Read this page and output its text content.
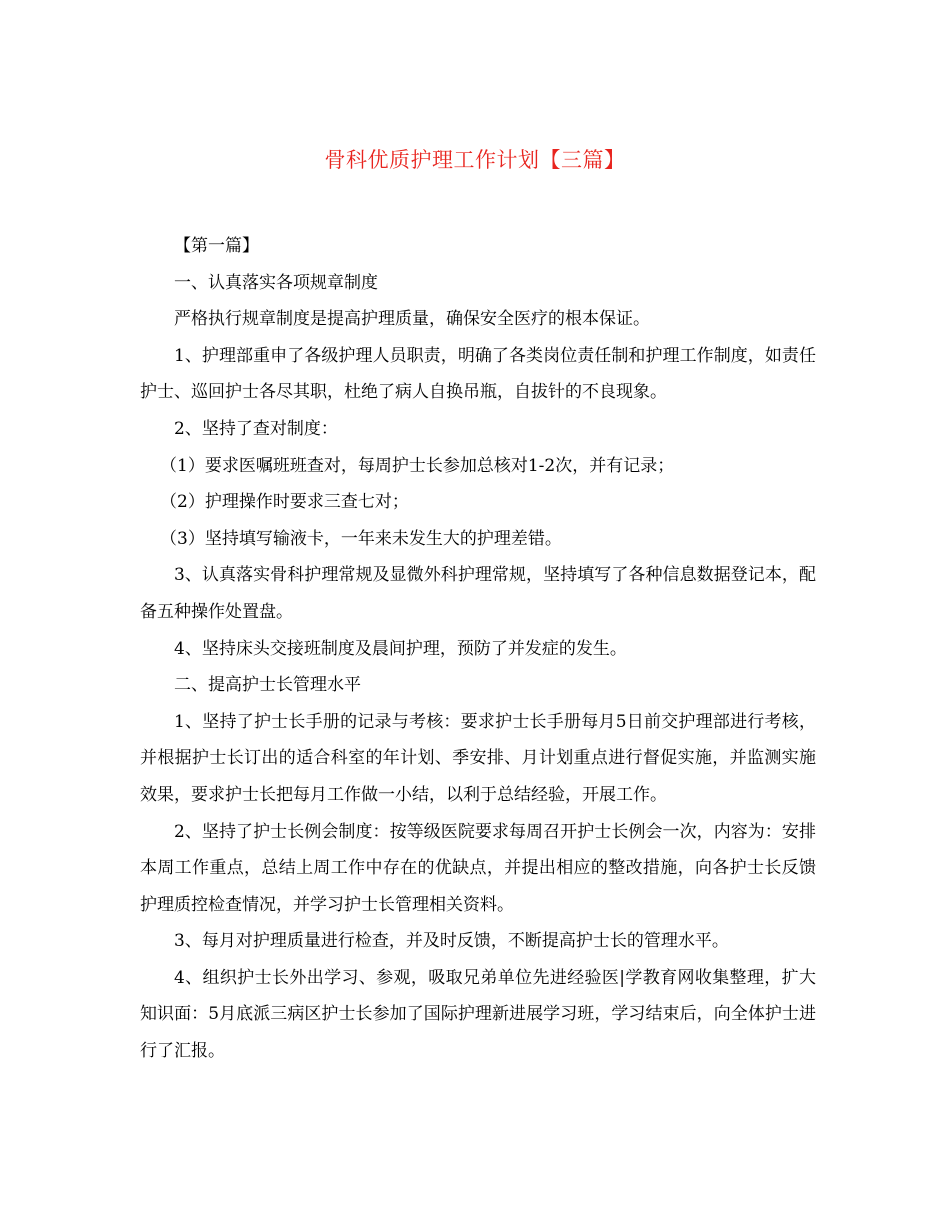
骨科优质护理工作计划【三篇】

【第一篇】

一、认真落实各项规章制度

严格执行规章制度是提高护理质量，确保安全医疗的根本保证。

1、护理部重申了各级护理人员职责，明确了各类岗位责任制和护理工作制度，如责任护士、巡回护士各尽其职，杜绝了病人自换吊瓶，自拔针的不良现象。

2、坚持了查对制度：

（1）要求医嘱班班查对，每周护士长参加总核对1-2次，并有记录；

（2）护理操作时要求三查七对；

（3）坚持填写输液卡，一年来未发生大的护理差错。

3、认真落实骨科护理常规及显微外科护理常规，坚持填写了各种信息数据登记本，配备五种操作处置盘。

4、坚持床头交接班制度及晨间护理，预防了并发症的发生。

二、提高护士长管理水平

1、坚持了护士长手册的记录与考核：要求护士长手册每月5日前交护理部进行考核，并根据护士长订出的适合科室的年计划、季安排、月计划重点进行督促实施，并监测实施效果，要求护士长把每月工作做一小结，以利于总结经验，开展工作。

2、坚持了护士长例会制度：按等级医院要求每周召开护士长例会一次，内容为：安排本周工作重点，总结上周工作中存在的优缺点，并提出相应的整改措施，向各护士长反馈护理质控检查情况，并学习护士长管理相关资料。

3、每月对护理质量进行检查，并及时反馈，不断提高护士长的管理水平。

4、组织护士长外出学习、参观，吸取兄弟单位先进经验医|学教育网收集整理，扩大知识面：5月底派三病区护士长参加了国际护理新进展学习班，学习结束后，向全体护士进行了汇报。
